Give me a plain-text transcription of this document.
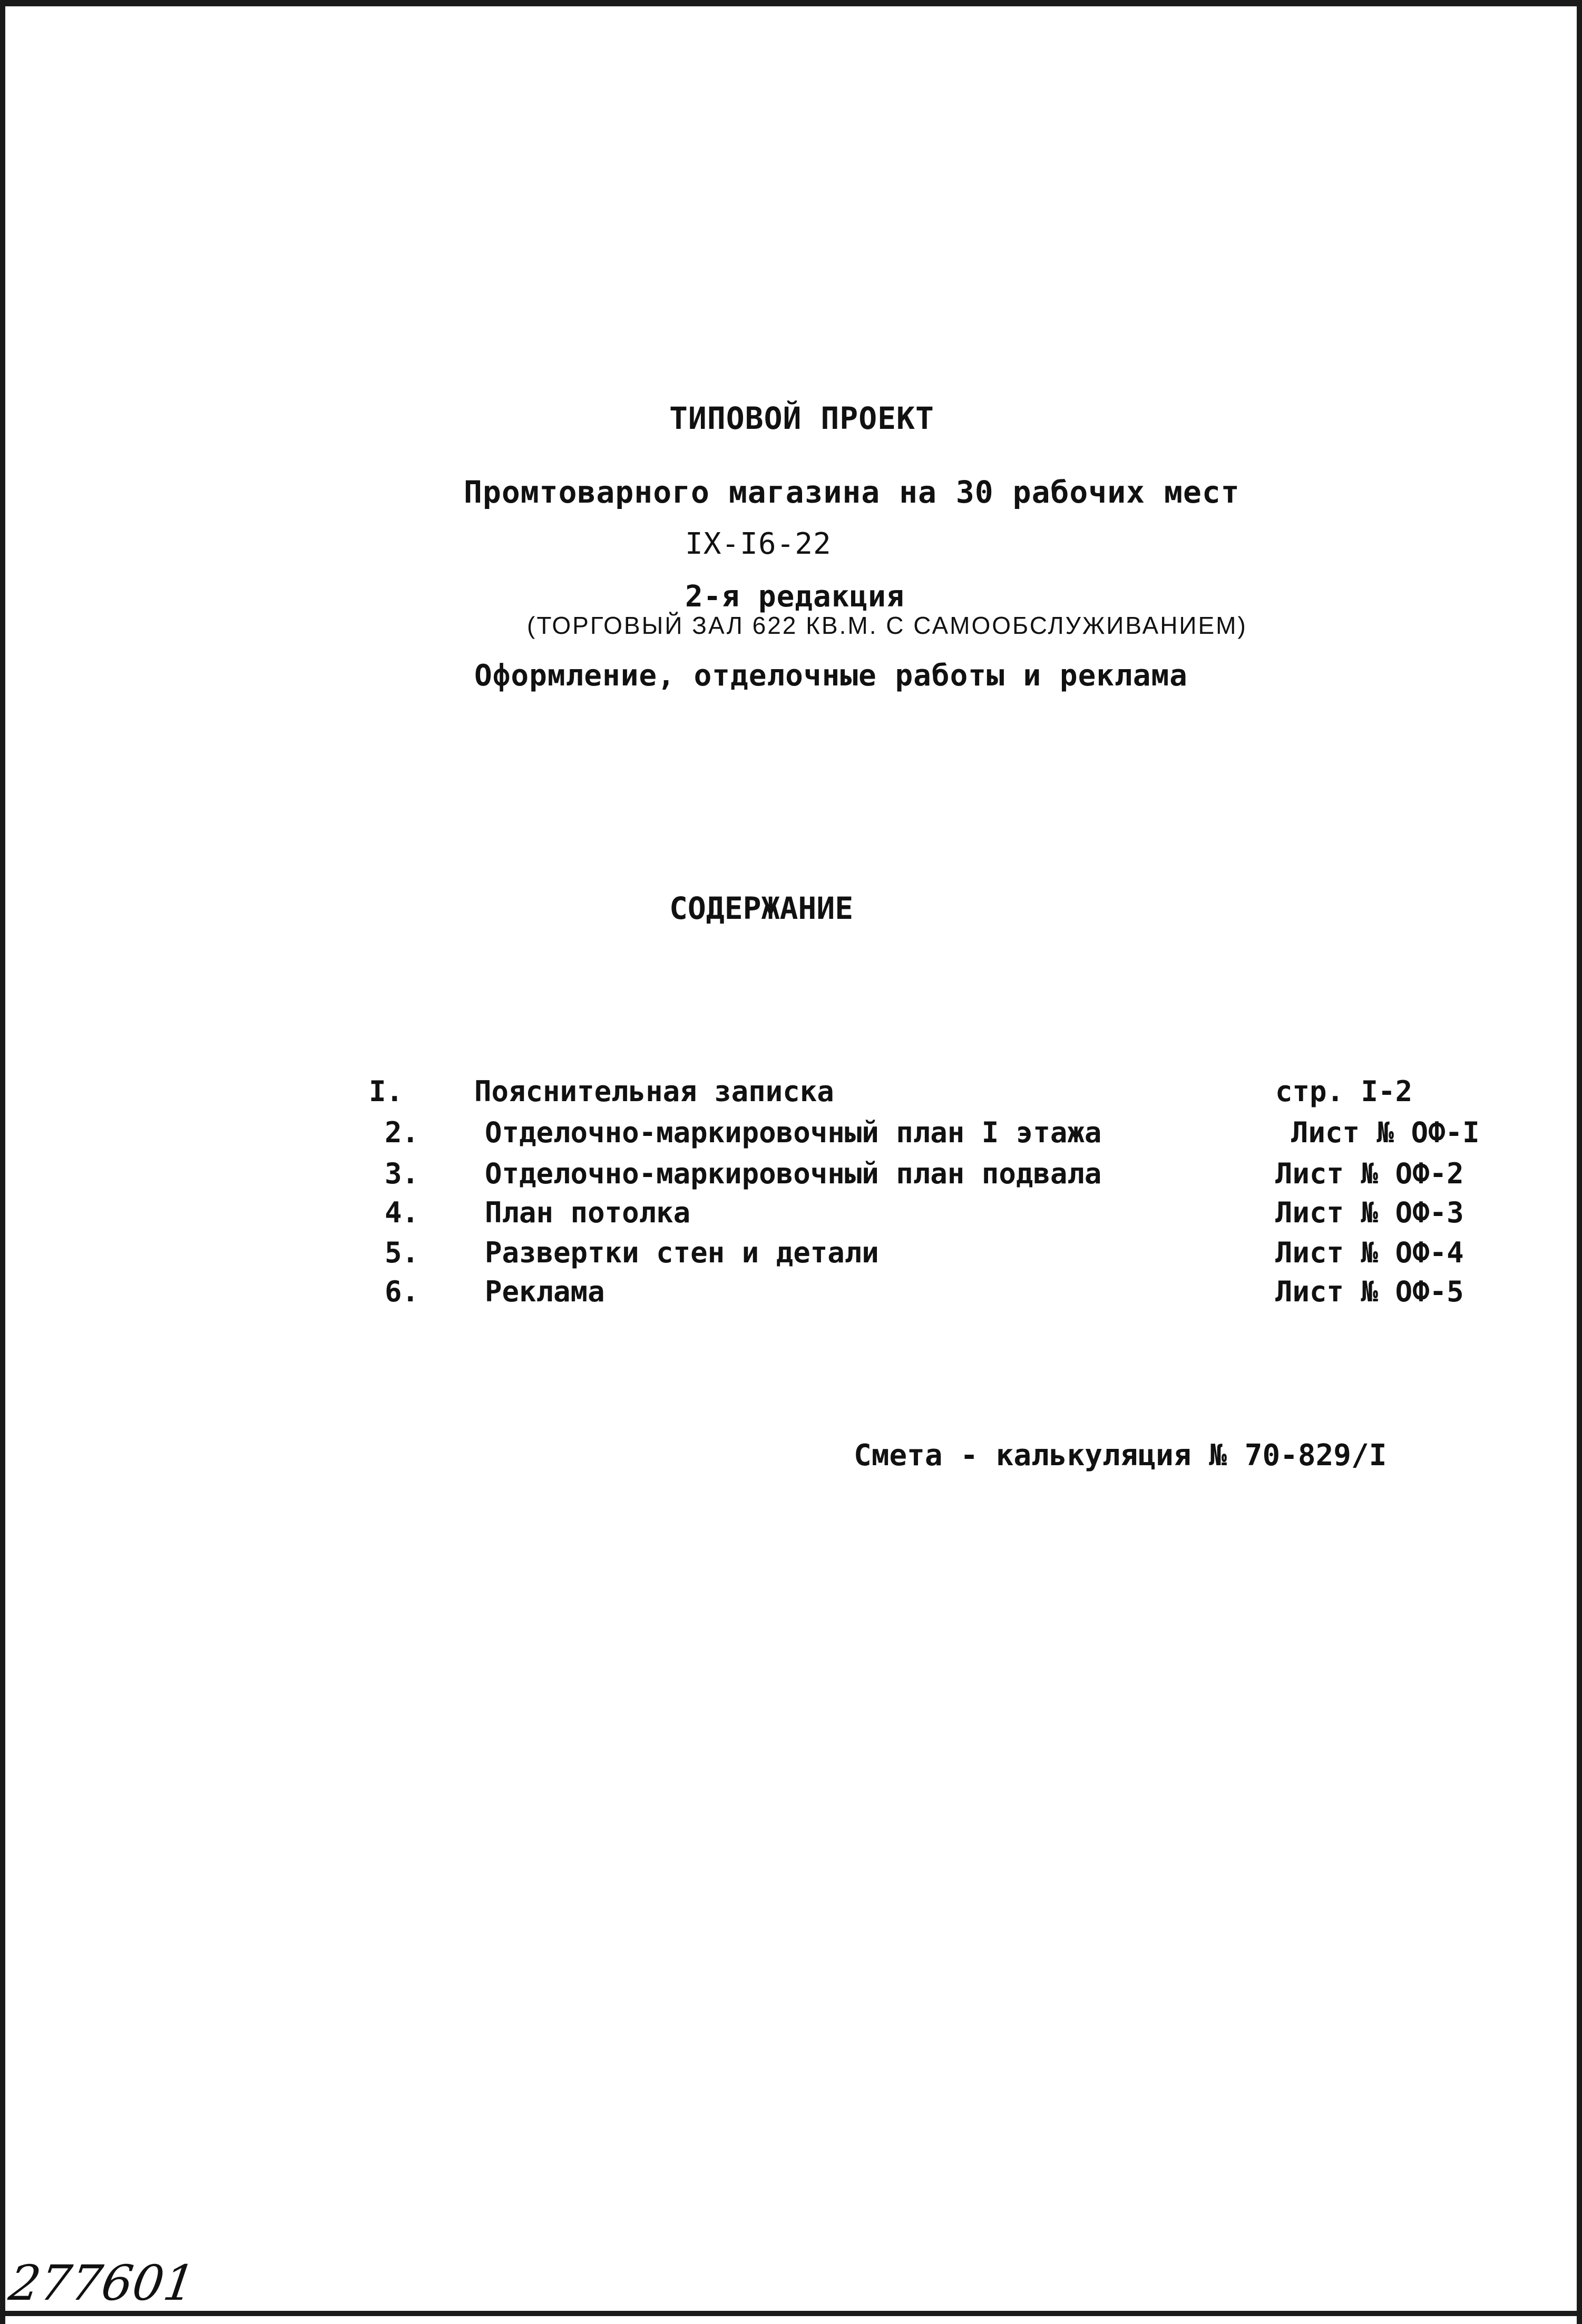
ТИПОВОЙ ПРОЕКТ
Промтоварного магазина на 30 рабочих мест
IX-I6-22
2-я редакция
(ТОРГОВЫЙ ЗАЛ 622 КВ.М. С САМООБСЛУЖИВАНИЕМ)
Оформление, отделочные работы и реклама
СОДЕРЖАНИЕ
I.	Пояснительная записка	стр. I-2
2.	Отделочно-маркировочный план I этажа	Лист № ОФ-I
3.	Отделочно-маркировочный план подвала	Лист № ОФ-2
4.	План потолка	Лист № ОФ-3
5.	Развертки стен и детали	Лист № ОФ-4
6.	Реклама	Лист № ОФ-5
Смета - калькуляция № 70-829/I
277601
